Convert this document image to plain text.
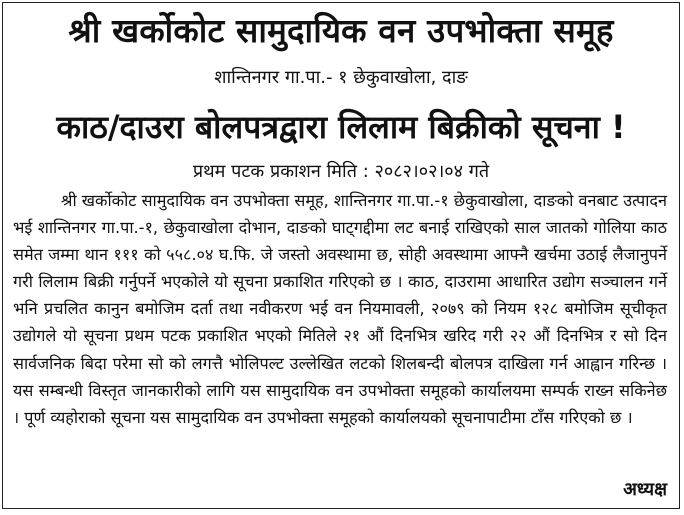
श्री खर्कोकोट सामुदायिक वन उपभोक्ता समूह
शान्तिनगर गा.पा.- १ छेकुवाखोला, दाङ
काठ/दाउरा बोलपत्रद्वारा लिलाम बिक्रीको सूचना !
प्रथम पटक प्रकाशन मिति : २०८२।०२।०४ गते

श्री खर्कोकोट सामुदायिक वन उपभोक्ता समूह, शान्तिनगर गा.पा.-१ छेकुवाखोला, दाङको वनबाट उत्पादन भई शान्तिनगर गा.पा.-१, छेकुवाखोला दोभान, दाङको घाट्गद्दीमा लट बनाई राखिएको साल जातको गोलिया काठ समेत जम्मा थान १११ को ५५८.०४ घ.फि. जे जस्तो अवस्थामा छ, सोही अवस्थामा आफ्नै खर्चमा उठाई लैजानुपर्ने गरी लिलाम बिक्री गर्नुपर्ने भएकोले यो सूचना प्रकाशित गरिएको छ । काठ, दाउरामा आधारित उद्योग सञ्चालन गर्ने भनि प्रचलित कानुन बमोजिम दर्ता तथा नवीकरण भई वन नियमावली, २०७९ को नियम १२८ बमोजिम सूचीकृत उद्योगले यो सूचना प्रथम पटक प्रकाशित भएको मितिले २१ औं दिनभित्र खरिद गरी २२ औं दिनभित्र र सो दिन सार्वजनिक बिदा परेमा सो को लगत्तै भोलिपल्ट उल्लेखित लटको शिलबन्दी बोलपत्र दाखिला गर्न आह्वान गरिन्छ । यस सम्बन्धी विस्तृत जानकारीको लागि यस सामुदायिक वन उपभोक्ता समूहको कार्यालयमा सम्पर्क राख्न सकिनेछ । पूर्ण व्यहोराको सूचना यस सामुदायिक वन उपभोक्ता समूहको कार्यालयको सूचनापाटीमा टाँस गरिएको छ ।

अध्यक्ष
